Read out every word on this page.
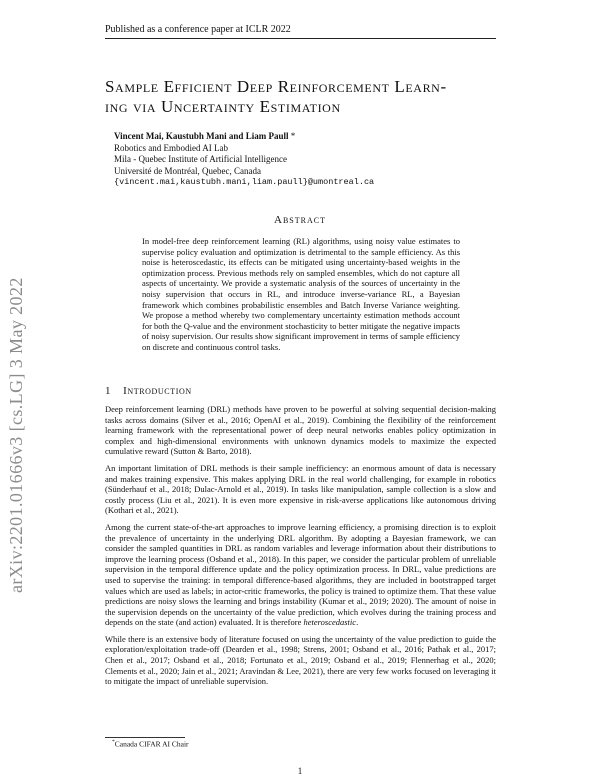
Published as a conference paper at ICLR 2022
arXiv:2201.01666v3 [cs.LG] 3 May 2022
Sample Efficient Deep Reinforcement Learn-
ing via Uncertainty Estimation
Vincent Mai, Kaustubh Mani and Liam Paull *
Robotics and Embodied AI Lab
Mila - Quebec Institute of Artificial Intelligence
Université de Montréal, Quebec, Canada
{vincent.mai,kaustubh.mani,liam.paull}@umontreal.ca
Abstract

In model-free deep reinforcement learning (RL) algorithms, using noisy value estimates to supervise policy evaluation and optimization is detrimental to the sample efficiency. As this noise is heteroscedastic, its effects can be mitigated using uncertainty-based weights in the optimization process. Previous methods rely on sampled ensembles, which do not capture all aspects of uncertainty. We provide a systematic analysis of the sources of uncertainty in the noisy supervision that occurs in RL, and introduce inverse-variance RL, a Bayesian framework which combines probabilistic ensembles and Batch Inverse Variance weighting. We propose a method whereby two complementary uncertainty estimation methods account for both the Q-value and the environment stochasticity to better mitigate the negative impacts of noisy supervision. Our results show significant improvement in terms of sample efficiency on discrete and continuous control tasks.

1 Introduction

Deep reinforcement learning (DRL) methods have proven to be powerful at solving sequential decision-making tasks across domains (Silver et al., 2016; OpenAI et al., 2019). Combining the flexibility of the reinforcement learning framework with the representational power of deep neural networks enables policy optimization in complex and high-dimensional environments with unknown dynamics models to maximize the expected cumulative reward (Sutton & Barto, 2018).

An important limitation of DRL methods is their sample inefficiency: an enormous amount of data is necessary and makes training expensive. This makes applying DRL in the real world challenging, for example in robotics (Sünderhauf et al., 2018; Dulac-Arnold et al., 2019). In tasks like manipulation, sample collection is a slow and costly process (Liu et al., 2021). It is even more expensive in risk-averse applications like autonomous driving (Kothari et al., 2021).

Among the current state-of-the-art approaches to improve learning efficiency, a promising direction is to exploit the prevalence of uncertainty in the underlying DRL algorithm. By adopting a Bayesian framework, we can consider the sampled quantities in DRL as random variables and leverage information about their distributions to improve the learning process (Osband et al., 2018). In this paper, we consider the particular problem of unreliable supervision in the temporal difference update and the policy optimization process. In DRL, value predictions are used to supervise the training: in temporal difference-based algorithms, they are included in bootstrapped target values which are used as labels; in actor-critic frameworks, the policy is trained to optimize them. That these value predictions are noisy slows the learning and brings instability (Kumar et al., 2019; 2020). The amount of noise in the supervision depends on the uncertainty of the value prediction, which evolves during the training process and depends on the state (and action) evaluated. It is therefore heteroscedastic.

While there is an extensive body of literature focused on using the uncertainty of the value prediction to guide the exploration/exploitation trade-off (Dearden et al., 1998; Strens, 2001; Osband et al., 2016; Pathak et al., 2017; Chen et al., 2017; Osband et al., 2018; Fortunato et al., 2019; Osband et al., 2019; Flennerhag et al., 2020; Clements et al., 2020; Jain et al., 2021; Aravindan & Lee, 2021), there are very few works focused on leveraging it to mitigate the impact of unreliable supervision.

*Canada CIFAR AI Chair
1
